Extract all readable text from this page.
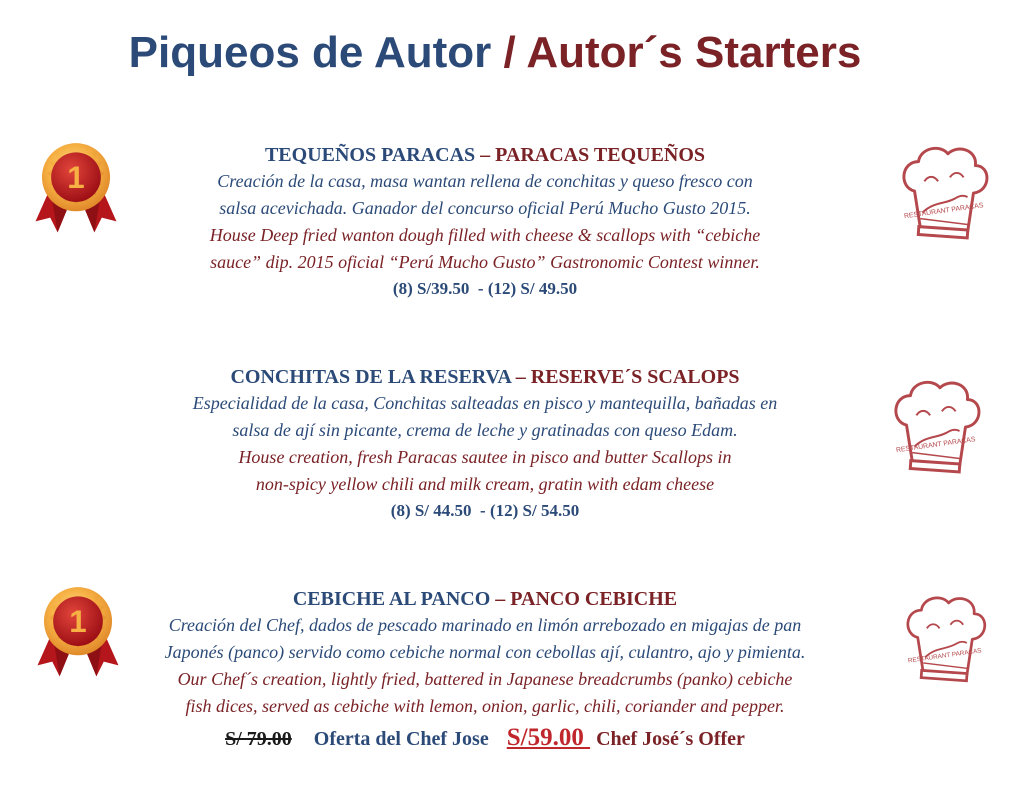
Piqueos de Autor / Autor´s Starters
1
RESTAURANT PARACAS
TEQUEÑOS PARACAS – PARACAS TEQUEÑOS
Creación de la casa, masa wantan rellena de conchitas y queso fresco con
salsa acevichada. Ganador del concurso oficial Perú Mucho Gusto 2015.
House Deep fried wanton dough filled with cheese & scallops with “cebiche
sauce” dip. 2015 oficial “Perú Mucho Gusto” Gastronomic Contest winner.
(8) S/39.50  - (12) S/ 49.50
RESTAURANT PARACAS
CONCHITAS DE LA RESERVA – RESERVE´S SCALOPS
Especialidad de la casa, Conchitas salteadas en pisco y mantequilla, bañadas en
salsa de ají sin picante, crema de leche y gratinadas con queso Edam.
House creation, fresh Paracas sautee in pisco and butter Scallops in
non-spicy yellow chili and milk cream, gratin with edam cheese
(8) S/ 44.50  - (12) S/ 54.50
1
RESTAURANT PARACAS
CEBICHE AL PANCO – PANCO CEBICHE
Creación del Chef, dados de pescado marinado en limón arrebozado en migajas de pan
Japonés (panco) servido como cebiche normal con cebollas ají, culantro, ajo y pimienta.
Our Chef´s creation, lightly fried, battered in Japanese breadcrumbs (panko) cebiche
fish dices, served as cebiche with lemon, onion, garlic, chili, coriander and pepper.
S/ 79.00 Oferta del Chef Jose S/59.00 Chef José´s Offer
